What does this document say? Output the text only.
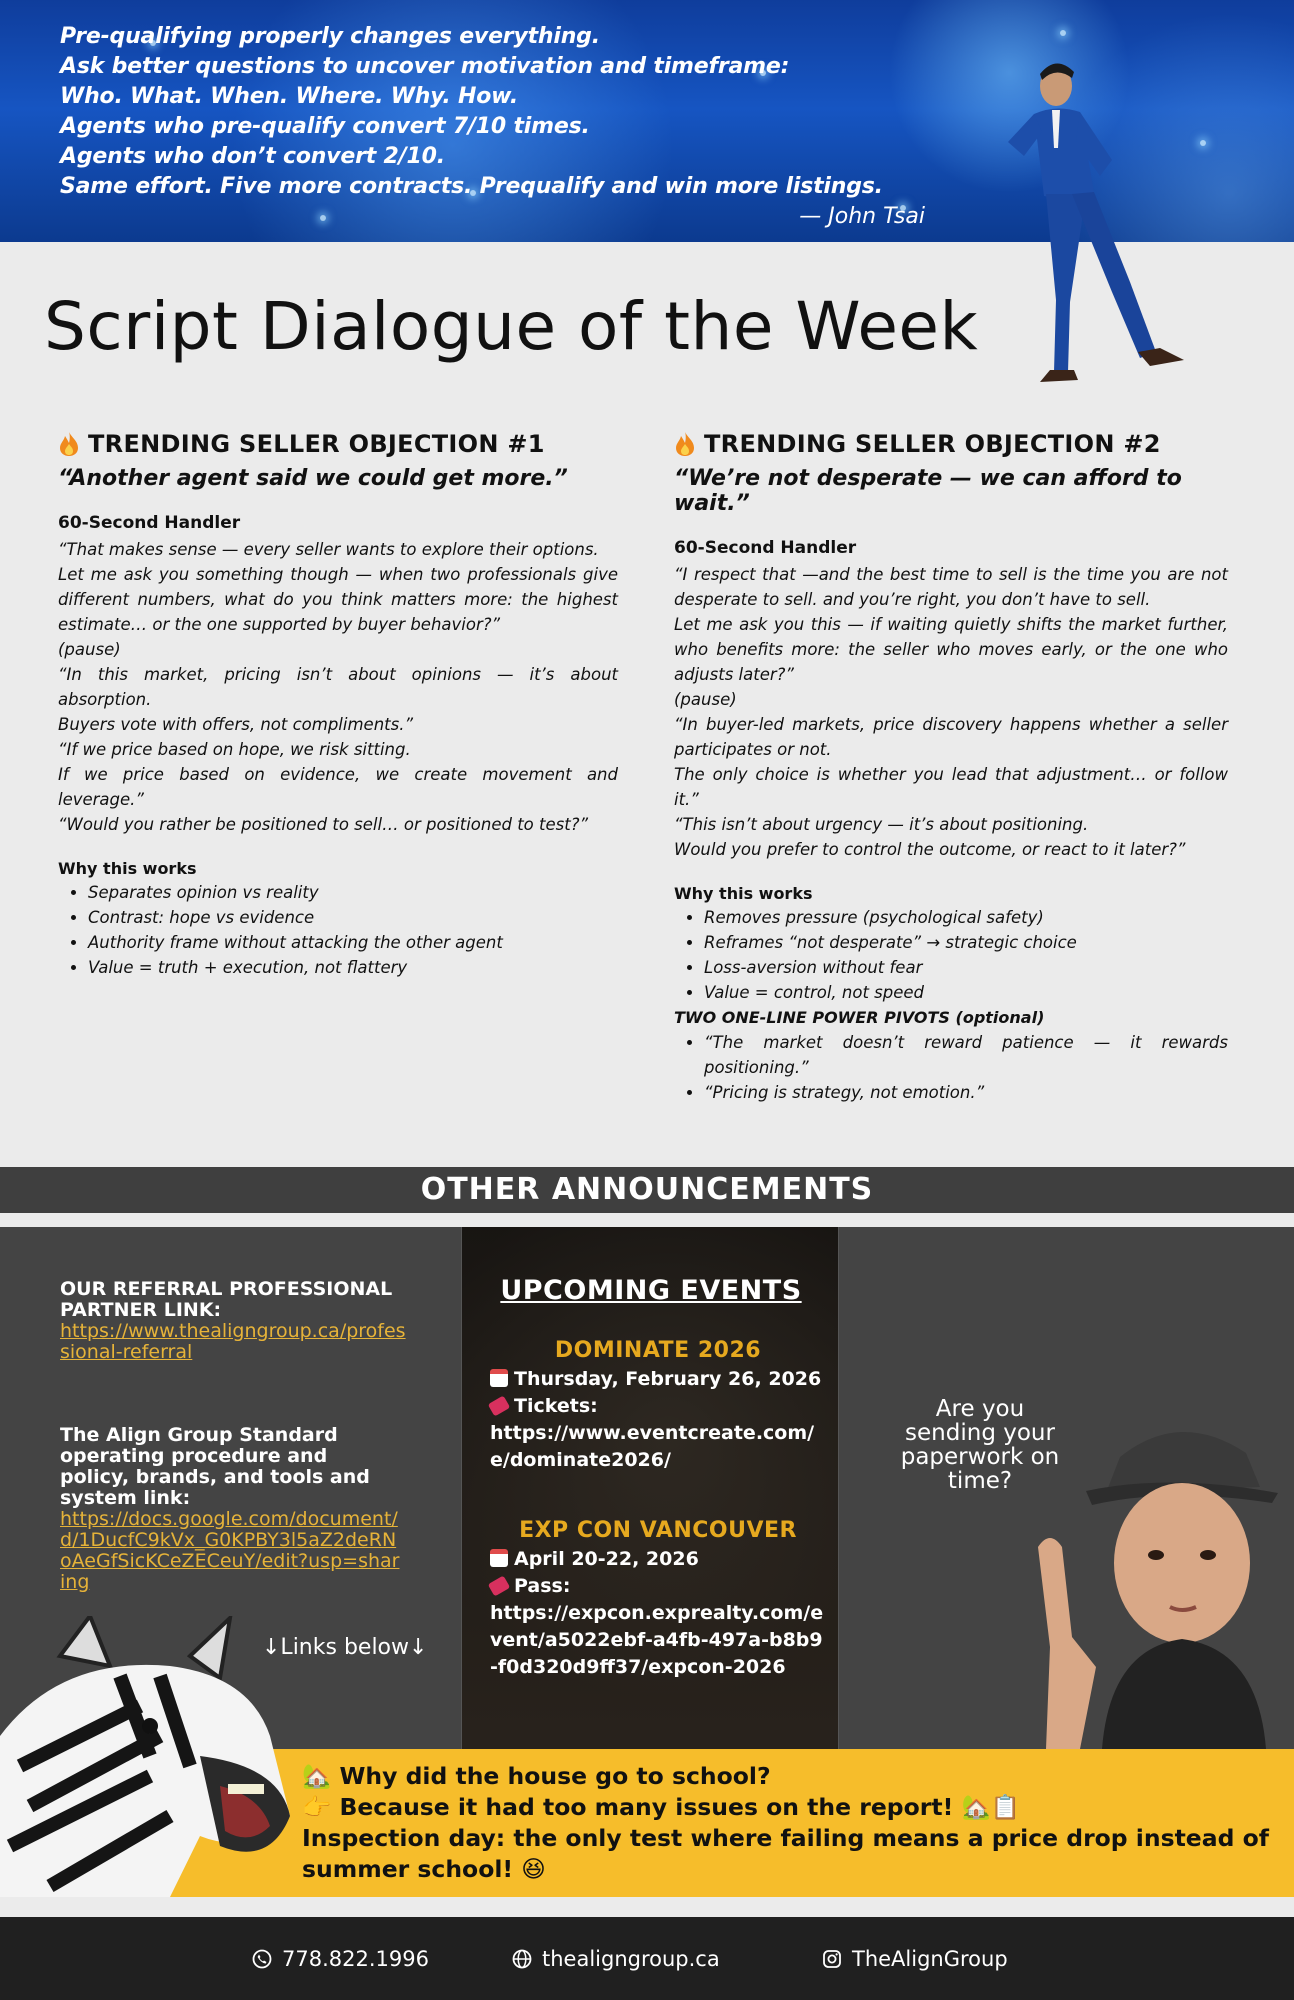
Pre-qualifying properly changes everything.
Ask better questions to uncover motivation and timeframe:
Who. What. When. Where. Why. How.
Agents who pre-qualify convert 7/10 times.
Agents who don’t convert 2/10.
Same effort. Five more contracts. Prequalify and win more listings.
— John Tsai
Script Dialogue of the Week
TRENDING SELLER OBJECTION #1
“Another agent said we could get more.”
60-Second Handler

“That makes sense — every seller wants to explore their options.

Let me ask you something though — when two professionals give different numbers, what do you think matters more: the highest estimate… or the one supported by buyer behavior?”

(pause)

“In this market, pricing isn’t about opinions — it’s about absorption.

Buyers vote with offers, not compliments.”

“If we price based on hope, we risk sitting.

If we price based on evidence, we create movement and leverage.”

“Would you rather be positioned to sell… or positioned to test?”

Why this works
• Separates opinion vs reality
• Contrast: hope vs evidence
• Authority frame without attacking the other agent
• Value = truth + execution, not flattery
TRENDING SELLER OBJECTION #2
“We’re not desperate — we can afford to wait.”
60-Second Handler

“I respect that —and the best time to sell is the time you are not desperate to sell. and you’re right, you don’t have to sell.

Let me ask you this — if waiting quietly shifts the market further, who benefits more: the seller who moves early, or the one who adjusts later?”

(pause)

“In buyer-led markets, price discovery happens whether a seller participates or not.

The only choice is whether you lead that adjustment… or follow it.”

“This isn’t about urgency — it’s about positioning.

Would you prefer to control the outcome, or react to it later?”

Why this works
• Removes pressure (psychological safety)
• Reframes “not desperate” → strategic choice
• Loss-aversion without fear
• Value = control, not speed
TWO ONE-LINE POWER PIVOTS (optional)
• “The market doesn’t reward patience — it rewards positioning.”
• “Pricing is strategy, not emotion.”
OTHER ANNOUNCEMENTS
OUR REFERRAL PROFESSIONAL PARTNER LINK:
https://www.thealigngroup.ca/professional-referral
The Align Group Standard operating procedure and policy, brands, and tools and system link:
https://docs.google.com/document/d/1DucfC9kVx_G0KPBY3l5aZ2deRNoAeGfSicKCeZECeuY/edit?usp=sharing
↓Links below↓
UPCOMING EVENTS
DOMINATE 2026
Thursday, February 26, 2026
Tickets:
https://www.eventcreate.com/e/dominate2026/
EXP CON VANCOUVER
April 20-22, 2026
Pass:
https://expcon.exprealty.com/event/a5022ebf-a4fb-497a-b8b9-f0d320d9ff37/expcon-2026
Are you sending your paperwork on time?
🏡 Why did the house go to school?
👉 Because it had too many issues on the report! 🏡📋
Inspection day: the only test where failing means a price drop instead of summer school! 😆
778.822.1996	thealigngroup.ca	TheAlignGroup
